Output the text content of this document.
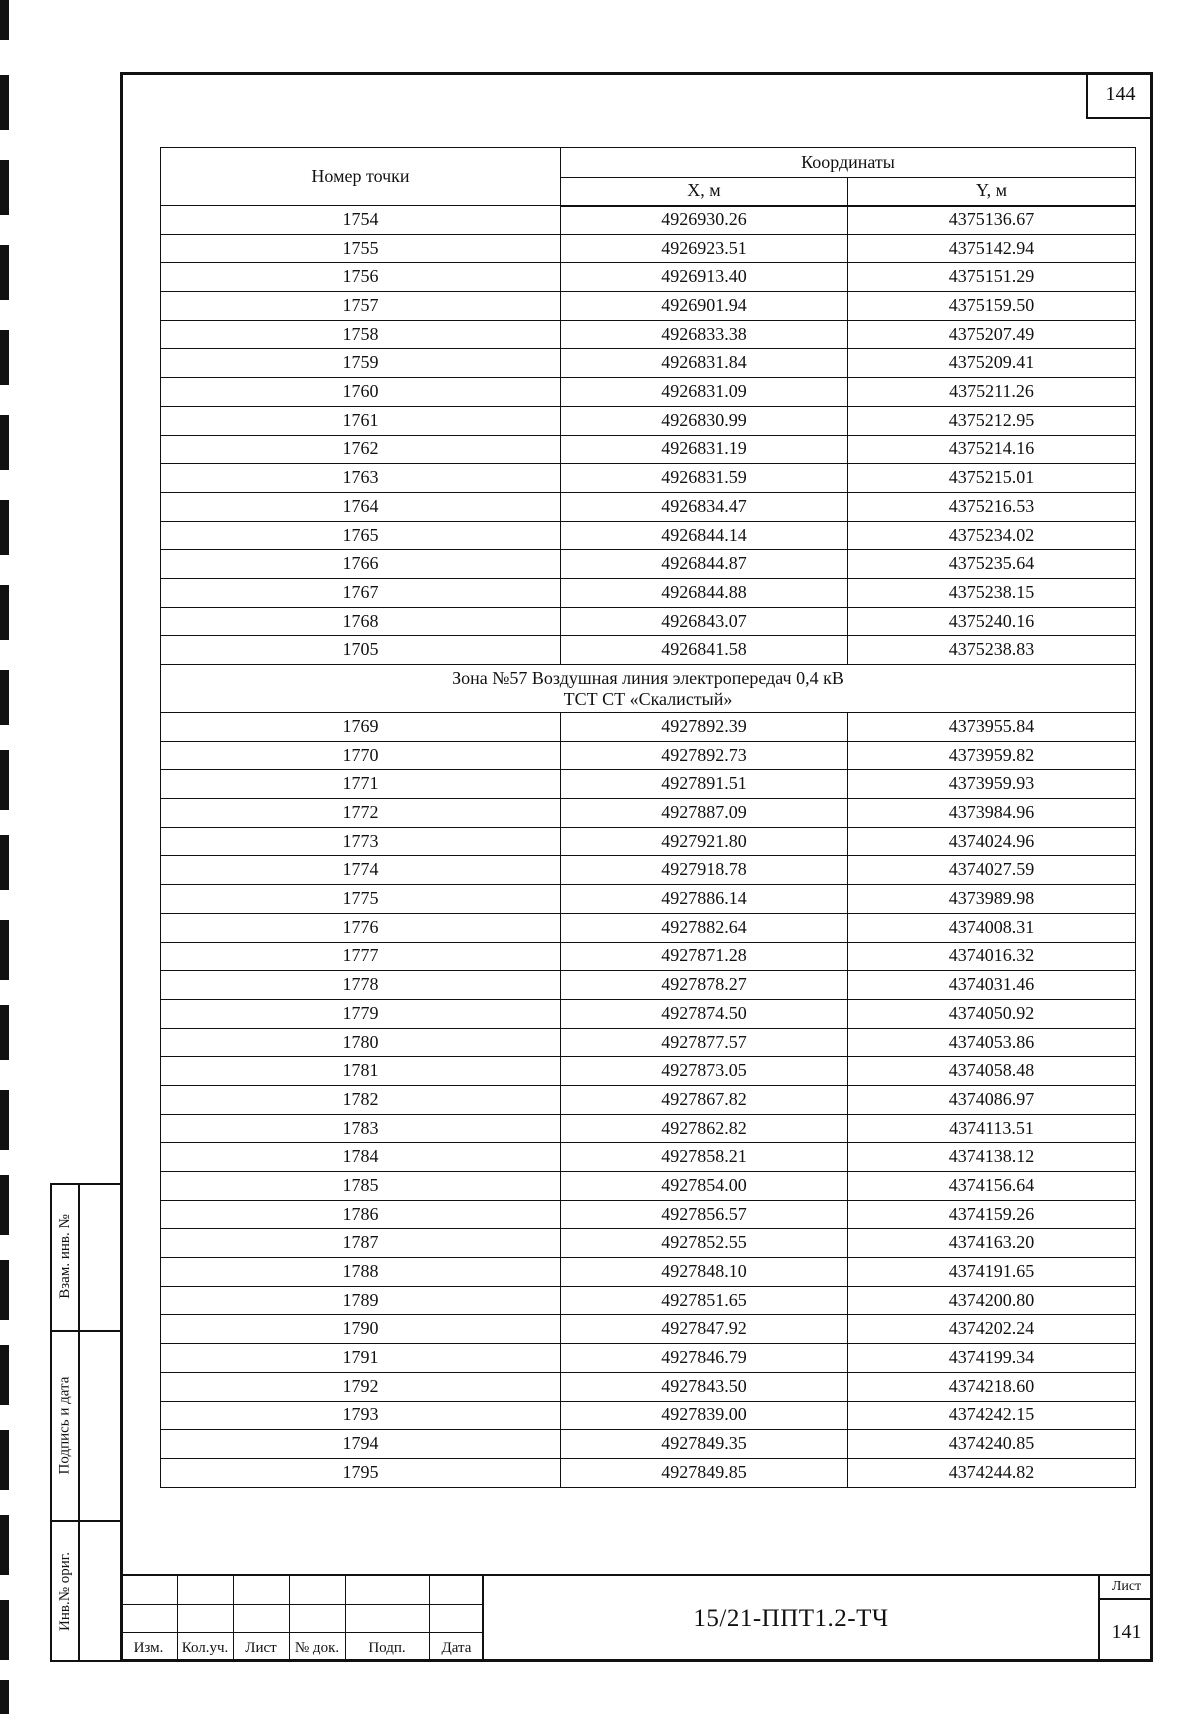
144
Номер точки	Координаты	
	X, м	Y, м
1754	4926930.26	4375136.67
1755	4926923.51	4375142.94
1756	4926913.40	4375151.29
1757	4926901.94	4375159.50
1758	4926833.38	4375207.49
1759	4926831.84	4375209.41
1760	4926831.09	4375211.26
1761	4926830.99	4375212.95
1762	4926831.19	4375214.16
1763	4926831.59	4375215.01
1764	4926834.47	4375216.53
1765	4926844.14	4375234.02
1766	4926844.87	4375235.64
1767	4926844.88	4375238.15
1768	4926843.07	4375240.16
1705	4926841.58	4375238.83

Зона №57 Воздушная линия электропередач 0,4 кВ
ТСТ СТ «Скалистый»		

1769	4927892.39	4373955.84
1770	4927892.73	4373959.82
1771	4927891.51	4373959.93
1772	4927887.09	4373984.96
1773	4927921.80	4374024.96
1774	4927918.78	4374027.59
1775	4927886.14	4373989.98
1776	4927882.64	4374008.31
1777	4927871.28	4374016.32
1778	4927878.27	4374031.46
1779	4927874.50	4374050.92
1780	4927877.57	4374053.86
1781	4927873.05	4374058.48
1782	4927867.82	4374086.97
1783	4927862.82	4374113.51
1784	4927858.21	4374138.12
1785	4927854.00	4374156.64
1786	4927856.57	4374159.26
1787	4927852.55	4374163.20
1788	4927848.10	4374191.65
1789	4927851.65	4374200.80
1790	4927847.92	4374202.24
1791	4927846.79	4374199.34
1792	4927843.50	4374218.60
1793	4927839.00	4374242.15
1794	4927849.35	4374240.85
1795	4927849.85	4374244.82
Взам. инв. №
Подпись и дата
Инв.№ ориг.
Изм.	Кол.уч.	Лист	№ док.	Подп.	Дата
15/21-ППТ1.2-ТЧ
Лист
141
